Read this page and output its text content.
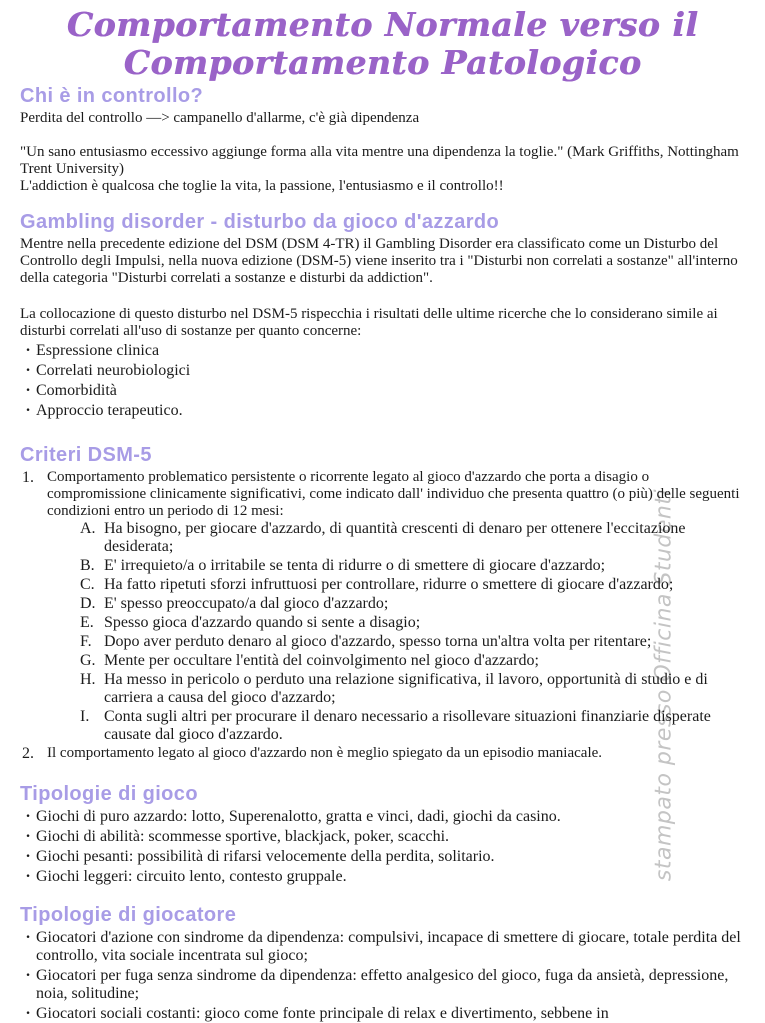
stampato presso Officina Studenti
Comportamento Normale verso il Comportamento Patologico
Chi è in controllo?

Perdita del controllo —> campanello d'allarme, c'è già dipendenza

"Un sano entusiasmo eccessivo aggiunge forma alla vita mentre una dipendenza la toglie." (Mark Griffiths, Nottingham Trent University)

L'addiction è qualcosa che toglie la vita, la passione, l'entusiasmo e il controllo!!

Gambling disorder - disturbo da gioco d'azzardo

Mentre nella precedente edizione del DSM (DSM 4-TR) il Gambling Disorder era classificato come un Disturbo del Controllo degli Impulsi, nella nuova edizione (DSM-5) viene inserito tra i "Disturbi non correlati a sostanze" all'interno della categoria "Disturbi correlati a sostanze e disturbi da addiction".

La collocazione di questo disturbo nel DSM-5 rispecchia i risultati delle ultime ricerche che lo considerano simile ai disturbi correlati all'uso di sostanze per quanto concerne:

· Espressione clinica
· Correlati neurobiologici
· Comorbidità
· Approccio terapeutico.
Criteri DSM-5
1. Comportamento problematico persistente o ricorrente legato al gioco d'azzardo che porta a disagio o compromissione clinicamente significativi, come indicato dall' individuo che presenta quattro (o più) delle seguenti condizioni entro un periodo di 12 mesi:

A. Ha bisogno, per giocare d'azzardo, di quantità crescenti di denaro per ottenere l'eccitazione desiderata;
B. E' irrequieto/a o irritabile se tenta di ridurre o di smettere di giocare d'azzardo;
C. Ha fatto ripetuti sforzi infruttuosi per controllare, ridurre o smettere di giocare d'azzardo;
D. E' spesso preoccupato/a dal gioco d'azzardo;
E. Spesso gioca d'azzardo quando si sente a disagio;
F. Dopo aver perduto denaro al gioco d'azzardo, spesso torna un'altra volta per ritentare;
G. Mente per occultare l'entità del coinvolgimento nel gioco d'azzardo;
H. Ha messo in pericolo o perduto una relazione significativa, il lavoro, opportunità di studio e di carriera a causa del gioco d'azzardo;
I. Conta sugli altri per procurare il denaro necessario a risollevare situazioni finanziarie disperate causate dal gioco d'azzardo.
2. Il comportamento legato al gioco d'azzardo non è meglio spiegato da un episodio maniacale.

Tipologie di gioco
· Giochi di puro azzardo: lotto, Superenalotto, gratta e vinci, dadi, giochi da casino.
· Giochi di abilità: scommesse sportive, blackjack, poker, scacchi.
· Giochi pesanti: possibilità di rifarsi velocemente della perdita, solitario.
· Giochi leggeri: circuito lento, contesto gruppale.
Tipologie di giocatore
· Giocatori d'azione con sindrome da dipendenza: compulsivi, incapace di smettere di giocare, totale perdita del controllo, vita sociale incentrata sul gioco;
· Giocatori per fuga senza sindrome da dipendenza: effetto analgesico del gioco, fuga da ansietà, depressione, noia, solitudine;
· Giocatori sociali costanti: gioco come fonte principale di relax e divertimento, sebbene in
